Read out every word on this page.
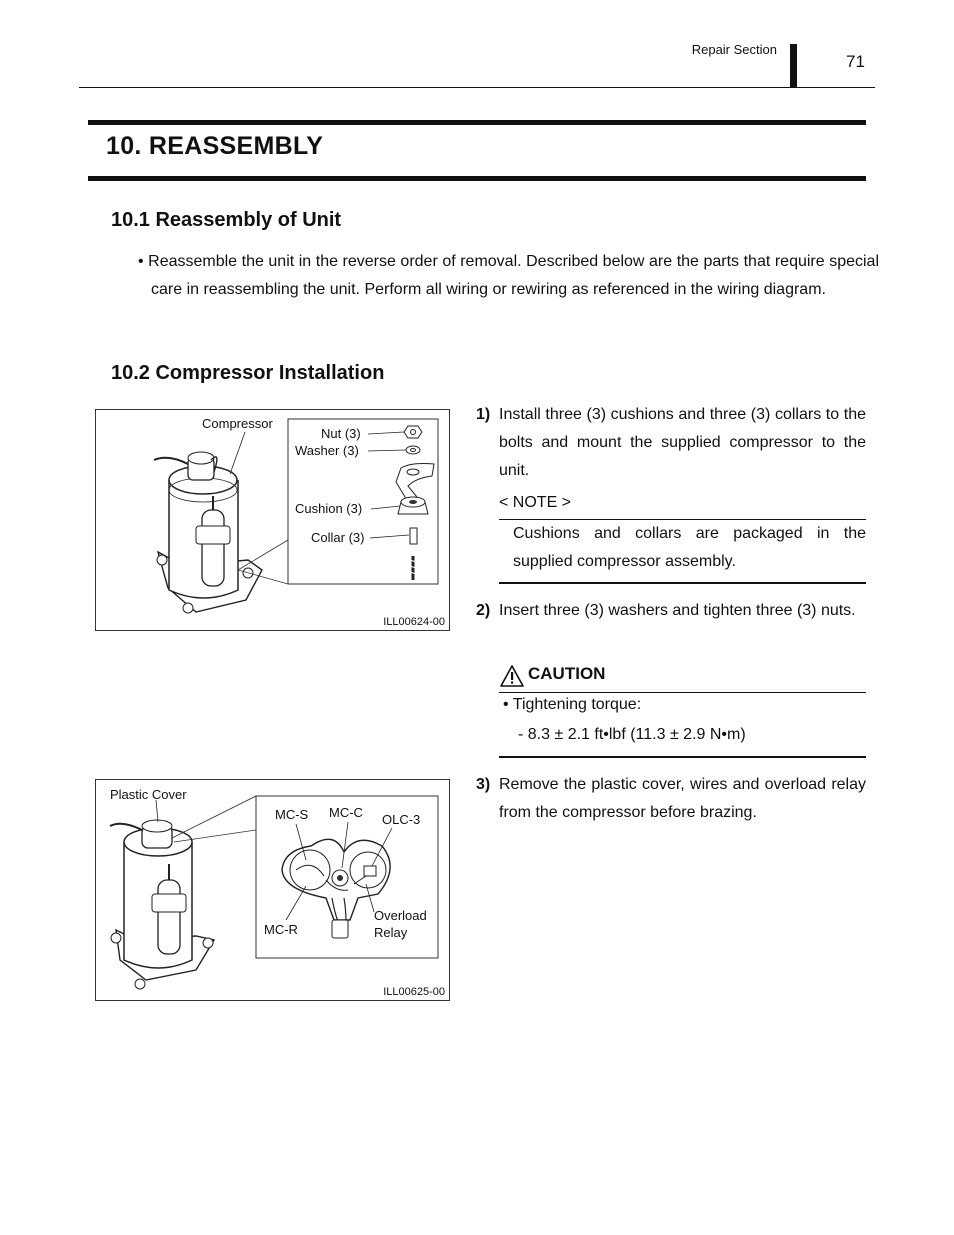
Repair Section
71
10. REASSEMBLY
10.1 Reassembly of Unit
• Reassemble the unit in the reverse order of removal. Described below are the parts that require special care in reassembling the unit. Perform all wiring or rewiring as referenced in the wiring diagram.
10.2 Compressor Installation
Compressor
Nut (3)
Washer (3)
Cushion (3)
Collar (3)
ILL00624-00
Plastic Cover
MC-S MC-C OLC-3
MC-R
Overload
Relay
ILL00625-00
1) Install three (3) cushions and three (3) collars to the bolts and mount the supplied compressor to the unit.
< NOTE >
Cushions and collars are packaged in the supplied compressor assembly.
2) Insert three (3) washers and tighten three (3) nuts.
CAUTION
• Tightening torque:
- 8.3 ± 2.1 ft•lbf (11.3 ± 2.9 N•m)
3) Remove the plastic cover, wires and overload relay from the compressor before brazing.
